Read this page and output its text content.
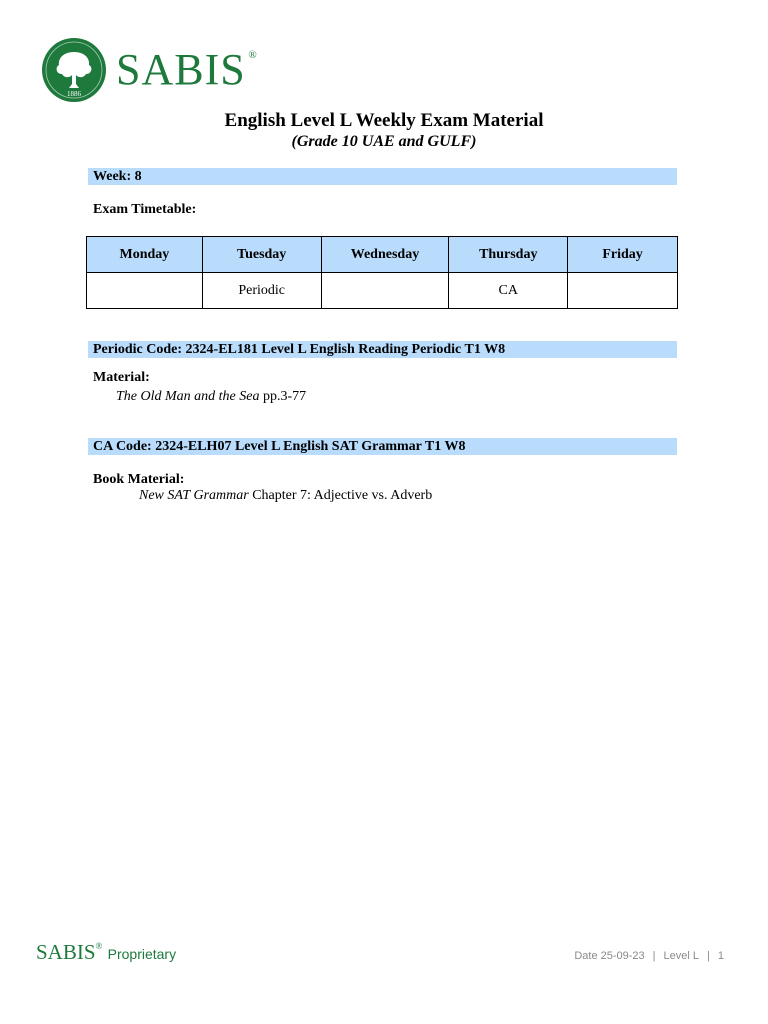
1886 SABIS ®
English Level L Weekly Exam Material
(Grade 10 UAE and GULF)
Week: 8
Exam Timetable:
Monday	Tuesday	Wednesday	Thursday	Friday
	Periodic		CA	
Periodic Code: 2324-EL181 Level L English Reading Periodic T1 W8
Material:
The Old Man and the Sea pp.3-77
CA Code: 2324-ELH07 Level L English SAT Grammar T1 W8
Book Material:
New SAT Grammar Chapter 7: Adjective vs. Adverb
SABIS® Proprietary	Date 25-09-23 | Level L | 1
